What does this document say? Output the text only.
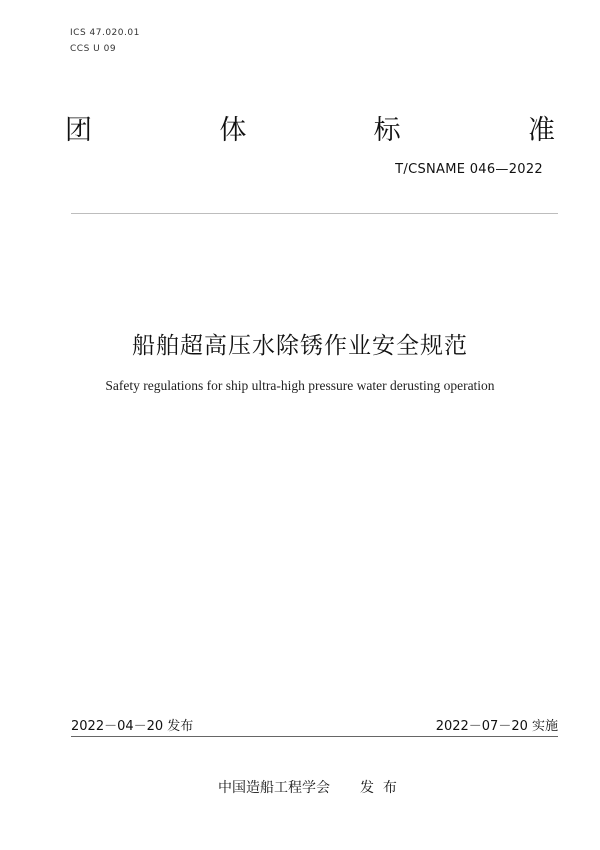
ICS 47.020.01
CCS U 09
团	体	标	准
T/CSNAME 046—2022
船舶超高压水除锈作业安全规范
Safety regulations for ship ultra-high pressure water derusting operation
2022－04－20 发布	2022－07－20 实施
中国造船工程学会 发  布
